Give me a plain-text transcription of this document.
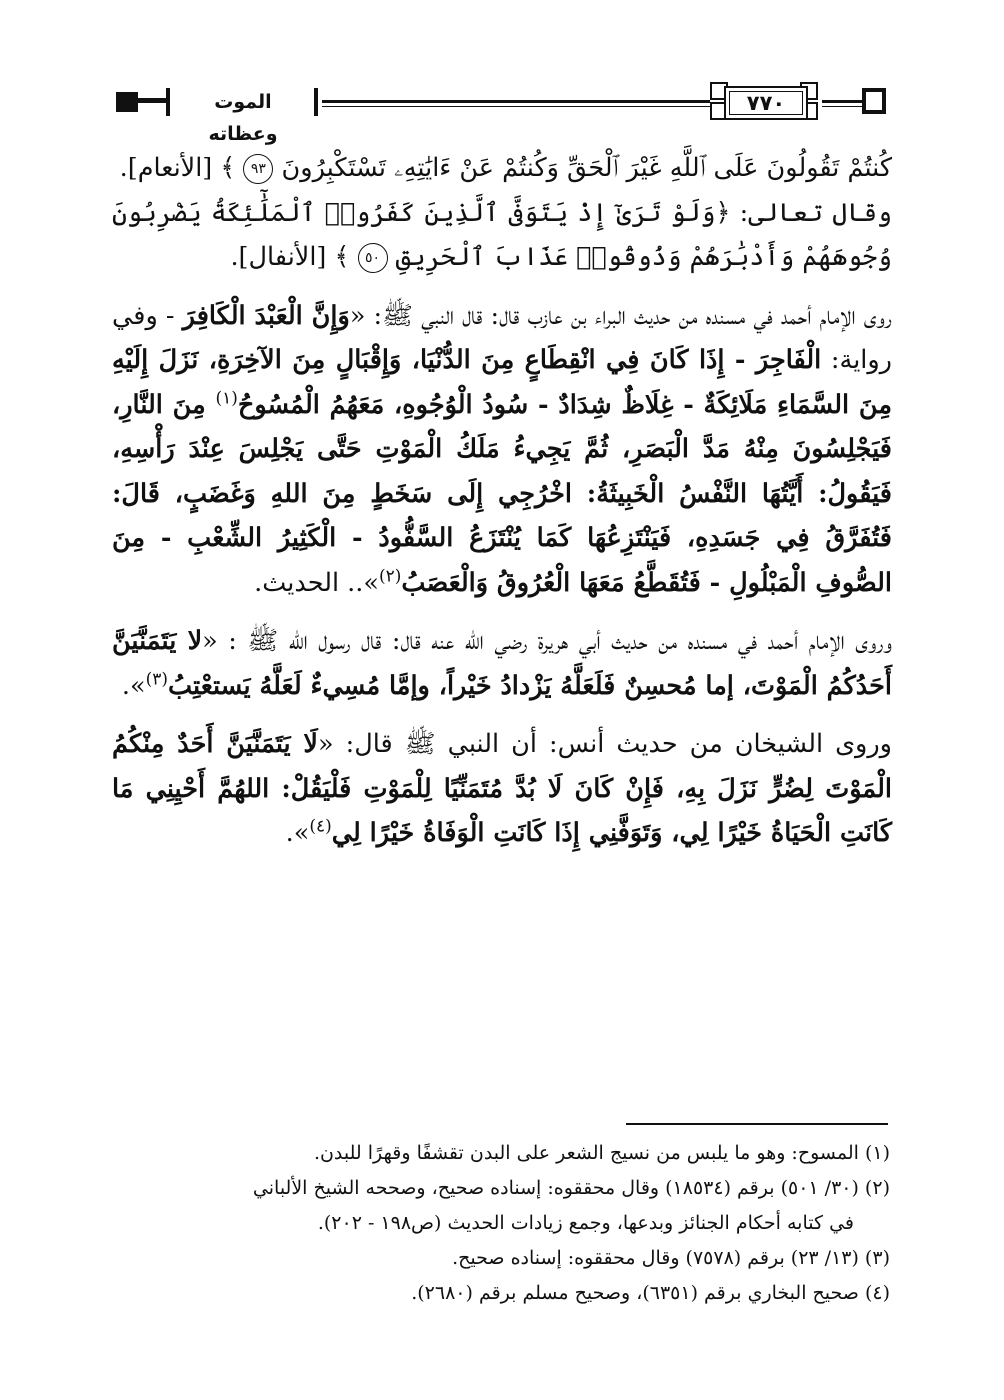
الموت وعظاته
٧٧٠

كُنتُمْ تَقُولُونَ عَلَى ٱللَّهِ غَيْرَ ٱلْحَقِّ وَكُنتُمْ عَنْ ءَايَٰتِهِۦ تَسْتَكْبِرُونَ ٩٣ ﴾ [الأنعام].

وقال تعالى: ﴿وَلَوْ تَرَىٰٓ إِذْ يَتَوَفَّى ٱلَّذِينَ كَفَرُوا۟ ٱلْمَلَٰٓئِكَةُ يَضْرِبُونَ وُجُوهَهُمْ وَأَدْبَٰرَهُمْ وَذُوقُوا۟ عَذَابَ ٱلْحَرِيقِ ٥٠ ﴾ [الأنفال].

روى الإمام أحمد في مسنده من حديث البراء بن عازب قال: قال النبي ﷺ: «وَإِنَّ الْعَبْدَ الْكَافِرَ - وفي رواية: الْفَاجِرَ - إِذَا كَانَ فِي انْقِطَاعٍ مِنَ الدُّنْيَا، وَإِقْبَالٍ مِنَ الآخِرَةِ، نَزَلَ إِلَيْهِ مِنَ السَّمَاءِ مَلَائِكَةٌ - غِلَاظٌ شِدَادٌ - سُودُ الْوُجُوهِ، مَعَهُمُ الْمُسُوحُ$^{(١)}$ مِنَ النَّارِ، فَيَجْلِسُونَ مِنْهُ مَدَّ الْبَصَرِ، ثُمَّ يَجِيءُ مَلَكُ الْمَوْتِ حَتَّى يَجْلِسَ عِنْدَ رَأْسِهِ، فَيَقُولُ: أَيَّتُهَا النَّفْسُ الْخَبِيثَةُ: اخْرُجِي إِلَى سَخَطٍ مِنَ اللهِ وَغَضَبٍ، قَالَ: فَتُفَرَّقُ فِي جَسَدِهِ، فَيَنْتَزِعُهَا كَمَا يُنْتَزَعُ السَّفُّودُ - الْكَثِيرُ الشِّعْبِ - مِنَ الصُّوفِ الْمَبْلُولِ - فَتُقَطَّعُ مَعَهَا الْعُرُوقُ وَالْعَصَبُ$^{(٢)}$».. الحديث.

وروى الإمام أحمد في مسنده من حديث أبي هريرة رضي الله عنه قال: قال رسول الله ﷺ : «لا يَتَمَنَّيَنَّ أَحَدُكُمُ الْمَوْتَ، إما مُحسِنٌ فَلَعَلَّهُ يَزْدادُ خَيْراً، وإمَّا مُسِيءٌ لَعَلَّهُ يَستعْتِبُ$^{(٣)}$».

وروى الشيخان من حديث أنس: أن النبي ﷺ قال: «لَا يَتَمَنَّيَنَّ أَحَدٌ مِنْكُمُ الْمَوْتَ لِضُرٍّ نَزَلَ بِهِ، فَإِنْ كَانَ لَا بُدَّ مُتَمَنِّيًا لِلْمَوْتِ فَلْيَقُلْ: اللهُمَّ أَحْيِنِي مَا كَانَتِ الْحَيَاةُ خَيْرًا لِي، وَتَوَفَّنِي إِذَا كَانَتِ الْوَفَاةُ خَيْرًا لِي$^{(٤)}$».

(١) المسوح: وهو ما يلبس من نسيج الشعر على البدن تقشفًا وقهرًا للبدن.

(٢) (٣٠/ ٥٠١) برقم (١٨٥٣٤) وقال محققوه: إسناده صحيح، وصححه الشيخ الألباني

في كتابه أحكام الجنائز وبدعها، وجمع زيادات الحديث (ص١٩٨ - ٢٠٢).

(٣) (١٣/ ٢٣) برقم (٧٥٧٨) وقال محققوه: إسناده صحيح.

(٤) صحيح البخاري برقم (٦٣٥١)، وصحيح مسلم برقم (٢٦٨٠).
